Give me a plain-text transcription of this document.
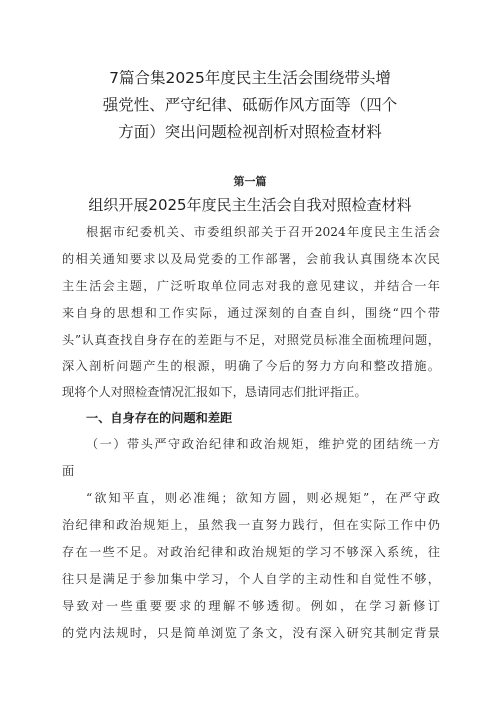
7篇合集2025年度民主生活会围绕带头增
强党性、严守纪律、砥砺作风方面等（四个
方面）突出问题检视剖析对照检查材料
第一篇
组织开展2025年度民主生活会自我对照检查材料
根据市纪委机关、市委组织部关于召开2024年度民主生活会
的相关通知要求以及局党委的工作部署，会前我认真围绕本次民
主生活会主题，广泛听取单位同志对我的意见建议，并结合一年
来自身的思想和工作实际，通过深刻的自查自纠，围绕“四个带
头”认真查找自身存在的差距与不足，对照党员标准全面梳理问题，
深入剖析问题产生的根源，明确了今后的努力方向和整改措施。
现将个人对照检查情况汇报如下，恳请同志们批评指正。
一、自身存在的问题和差距
（一）带头严守政治纪律和政治规矩，维护党的团结统一方
面
“欲知平直，则必准绳；欲知方圆，则必规矩”，在严守政
治纪律和政治规矩上，虽然我一直努力践行，但在实际工作中仍
存在一些不足。对政治纪律和政治规矩的学习不够深入系统，往
往只是满足于参加集中学习，个人自学的主动性和自觉性不够，
导致对一些重要要求的理解不够透彻。例如，在学习新修订
的党内法规时，只是简单浏览了条文，没有深入研究其制定背景
